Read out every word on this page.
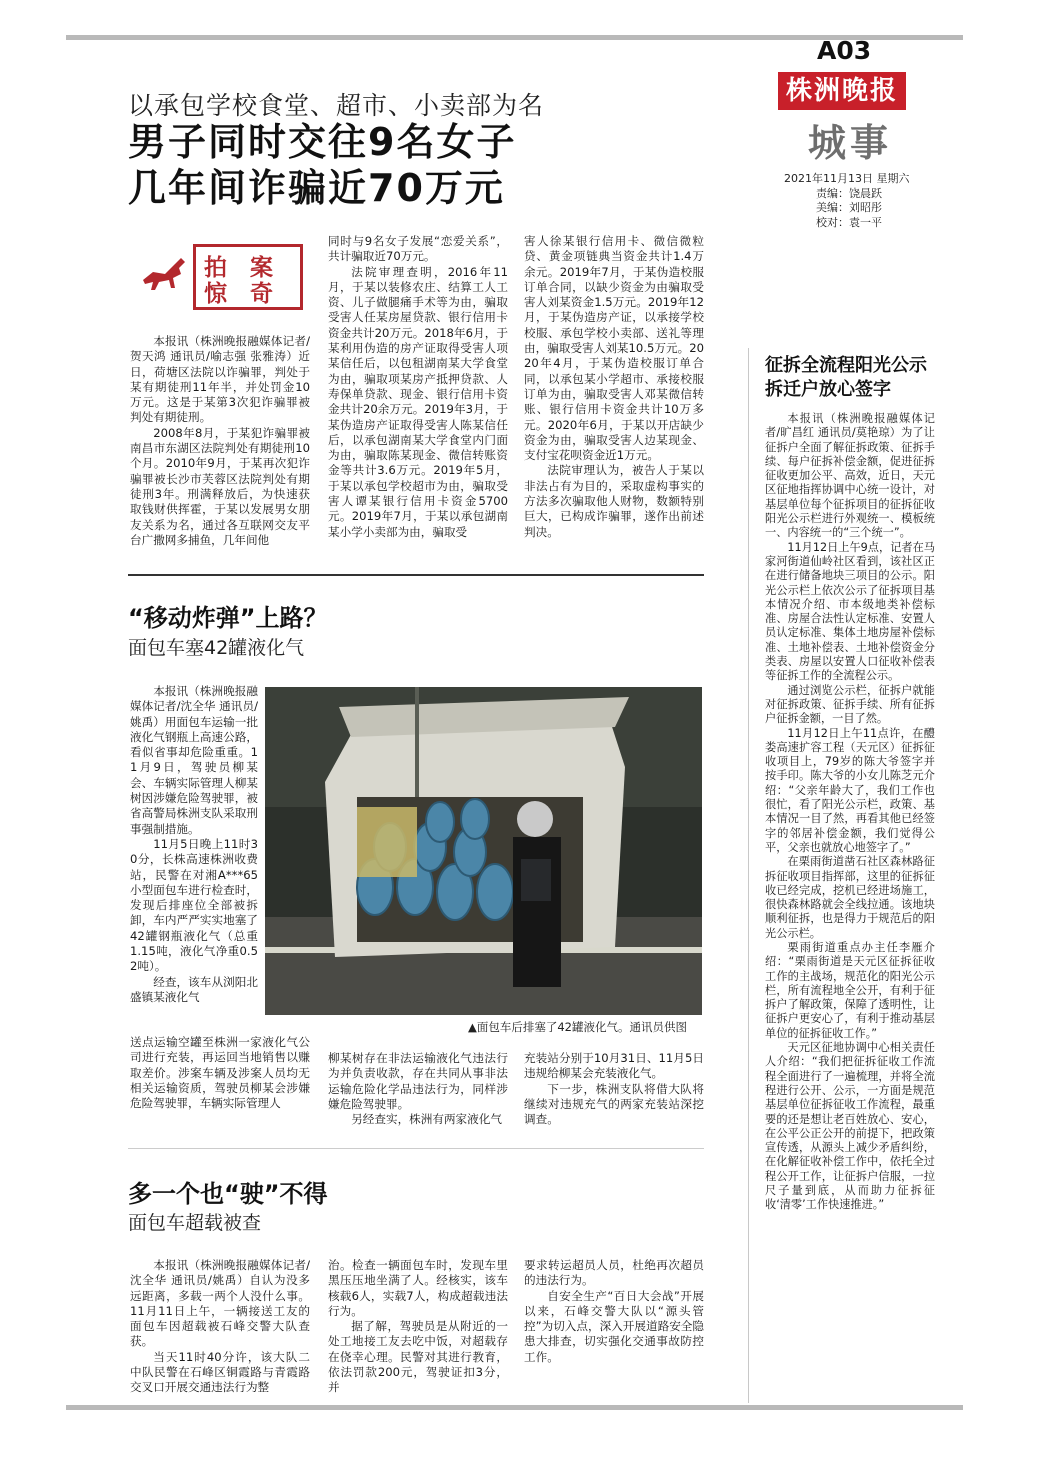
A03
株洲晚报
城事
2021年11月13日 星期六
责编：饶晨跃
美编：刘昭彤
校对：袁一平
以承包学校食堂、超市、小卖部为名
男子同时交往9名女子
几年间诈骗近70万元
拍 案
惊 奇

本报讯（株洲晚报融媒体记者/贺天鸿 通讯员/喻志强 张雅涛）近日，荷塘区法院以诈骗罪，判处于某有期徒刑11年半，并处罚金10万元。这是于某第3次犯诈骗罪被判处有期徒刑。

2008年8月，于某犯诈骗罪被南昌市东湖区法院判处有期徒刑10个月。2010年9月，于某再次犯诈骗罪被长沙市芙蓉区法院判处有期徒刑3年。刑满释放后，为快速获取钱财供挥霍，于某以发展男女朋友关系为名，通过各互联网交友平台广撒网多捕鱼，几年间他

同时与9名女子发展“恋爱关系”，共计骗取近70万元。

法院审理查明，2016年11月，于某以装修农庄、结算工人工资、儿子做腿痛手术等为由，骗取受害人任某房屋贷款、银行信用卡资金共计20万元。2018年6月，于某利用伪造的房产证取得受害人项某信任后，以包租湖南某大学食堂为由，骗取项某房产抵押贷款、人寿保单贷款、现金、银行信用卡资金共计20余万元。2019年3月，于某伪造房产证取得受害人陈某信任后，以承包湖南某大学食堂内门面为由，骗取陈某现金、微信转账资金等共计3.6万元。2019年5月，于某以承包学校超市为由，骗取受害人谭某银行信用卡资金5700元。2019年7月，于某以承包湖南某小学小卖部为由，骗取受

害人徐某银行信用卡、微信微粒贷、黄金项链典当资金共计1.4万余元。2019年7月，于某伪造校服订单合同，以缺少资金为由骗取受害人刘某资金1.5万元。2019年12月，于某伪造房产证，以承接学校校服、承包学校小卖部、送礼等理由，骗取受害人刘某10.5万元。2020年4月，于某伪造校服订单合同，以承包某小学超市、承接校服订单为由，骗取受害人邓某微信转账、银行信用卡资金共计10万多元。2020年6月，于某以开店缺少资金为由，骗取受害人边某现金、支付宝花呗资金近1万元。

法院审理认为，被告人于某以非法占有为目的，采取虚构事实的方法多次骗取他人财物，数额特别巨大，已构成诈骗罪，遂作出前述判决。

“移动炸弹”上路？
面包车塞42罐液化气

本报讯（株洲晚报融媒体记者/沈全华 通讯员/姚禹）用面包车运输一批液化气钢瓶上高速公路，看似省事却危险重重。11月9日，驾驶员柳某会、车辆实际管理人柳某树因涉嫌危险驾驶罪，被省高警局株洲支队采取刑事强制措施。

11月5日晚上11时30分，长株高速株洲收费站，民警在对湘A***65小型面包车进行检查时，发现后排座位全部被拆卸，车内严严实实地塞了42罐钢瓶液化气（总重1.15吨，液化气净重0.52吨）。

经查，该车从浏阳北盛镇某液化气

▲面包车后排塞了42罐液化气。通讯员供图

送点运输空罐至株洲一家液化气公司进行充装，再运回当地销售以赚取差价。涉案车辆及涉案人员均无相关运输资质，驾驶员柳某会涉嫌危险驾驶罪，车辆实际管理人

柳某树存在非法运输液化气违法行为并负责收款，存在共同从事非法运输危险化学品违法行为，同样涉嫌危险驾驶罪。

另经查实，株洲有两家液化气

充装站分别于10月31日、11月5日违规给柳某会充装液化气。

下一步，株洲支队将借大队将继续对违规充气的两家充装站深挖调查。

多一个也“驶”不得
面包车超载被查

本报讯（株洲晚报融媒体记者/沈全华 通讯员/姚禹）自认为没多远距离，多载一两个人没什么事。11月11日上午，一辆接送工友的面包车因超载被石峰交警大队查获。

当天11时40分许，该大队二中队民警在石峰区铜霞路与青霞路交叉口开展交通违法行为整

治。检查一辆面包车时，发现车里黑压压地坐满了人。经核实，该车核载6人，实载7人，构成超载违法行为。

据了解，驾驶员是从附近的一处工地接工友去吃中饭，对超载存在侥幸心理。民警对其进行教育，依法罚款200元，驾驶证扣3分，并

要求转运超员人员，杜绝再次超员的违法行为。

自安全生产“百日大会战”开展以来，石峰交警大队以“源头管控”为切入点，深入开展道路安全隐患大排查，切实强化交通事故防控工作。

征拆全流程阳光公示
拆迁户放心签字

本报讯（株洲晚报融媒体记者/旷昌红 通讯员/莫艳琼）为了让征拆户全面了解征拆政策、征拆手续、每户征拆补偿金额，促进征拆征收更加公平、高效，近日，天元区征地指挥协调中心统一设计，对基层单位每个征拆项目的征拆征收阳光公示栏进行外观统一、模板统一、内容统一的“三个统一”。

11月12日上午9点，记者在马家河街道仙岭社区看到，该社区正在进行储备地块三项目的公示。阳光公示栏上依次公示了征拆项目基本情况介绍、市本级地类补偿标准、房屋合法性认定标准、安置人员认定标准、集体土地房屋补偿标准、土地补偿表、土地补偿资金分类表、房屋以安置人口征收补偿表等征拆工作的全流程公示。

通过浏览公示栏，征拆户就能对征拆政策、征拆手续、所有征拆户征拆金额，一目了然。

11月12日上午11点许，在醴娄高速扩容工程（天元区）征拆征收项目上，79岁的陈大爷签字并按手印。陈大爷的小女儿陈芝元介绍：“父亲年龄大了，我们工作也很忙，看了阳光公示栏，政策、基本情况一目了然，再看其他已经签字的邻居补偿金额，我们觉得公平，父亲也就放心地签字了。”

在栗雨街道凿石社区森林路征拆征收项目指挥部，这里的征拆征收已经完成，挖机已经进场施工，很快森林路就会全线拉通。该地块顺利征拆，也是得力于规范后的阳光公示栏。

栗雨街道重点办主任李雁介绍：“栗雨街道是天元区征拆征收工作的主战场，规范化的阳光公示栏，所有流程地全公开，有利于征拆户了解政策，保障了透明性，让征拆户更安心了，有利于推动基层单位的征拆征收工作。”

天元区征地协调中心相关责任人介绍：“我们把征拆征收工作流程全面进行了一遍梳理，并将全流程进行公开、公示，一方面是规范基层单位征拆征收工作流程，最重要的还是想让老百姓放心、安心，在公平公正公开的前提下，把政策宣传透，从源头上减少矛盾纠纷，在化解征收补偿工作中，依托全过程公开工作，让征拆户信服，一拉尺子量到底，从而助力征拆征收‘清零’工作快速推进。”
